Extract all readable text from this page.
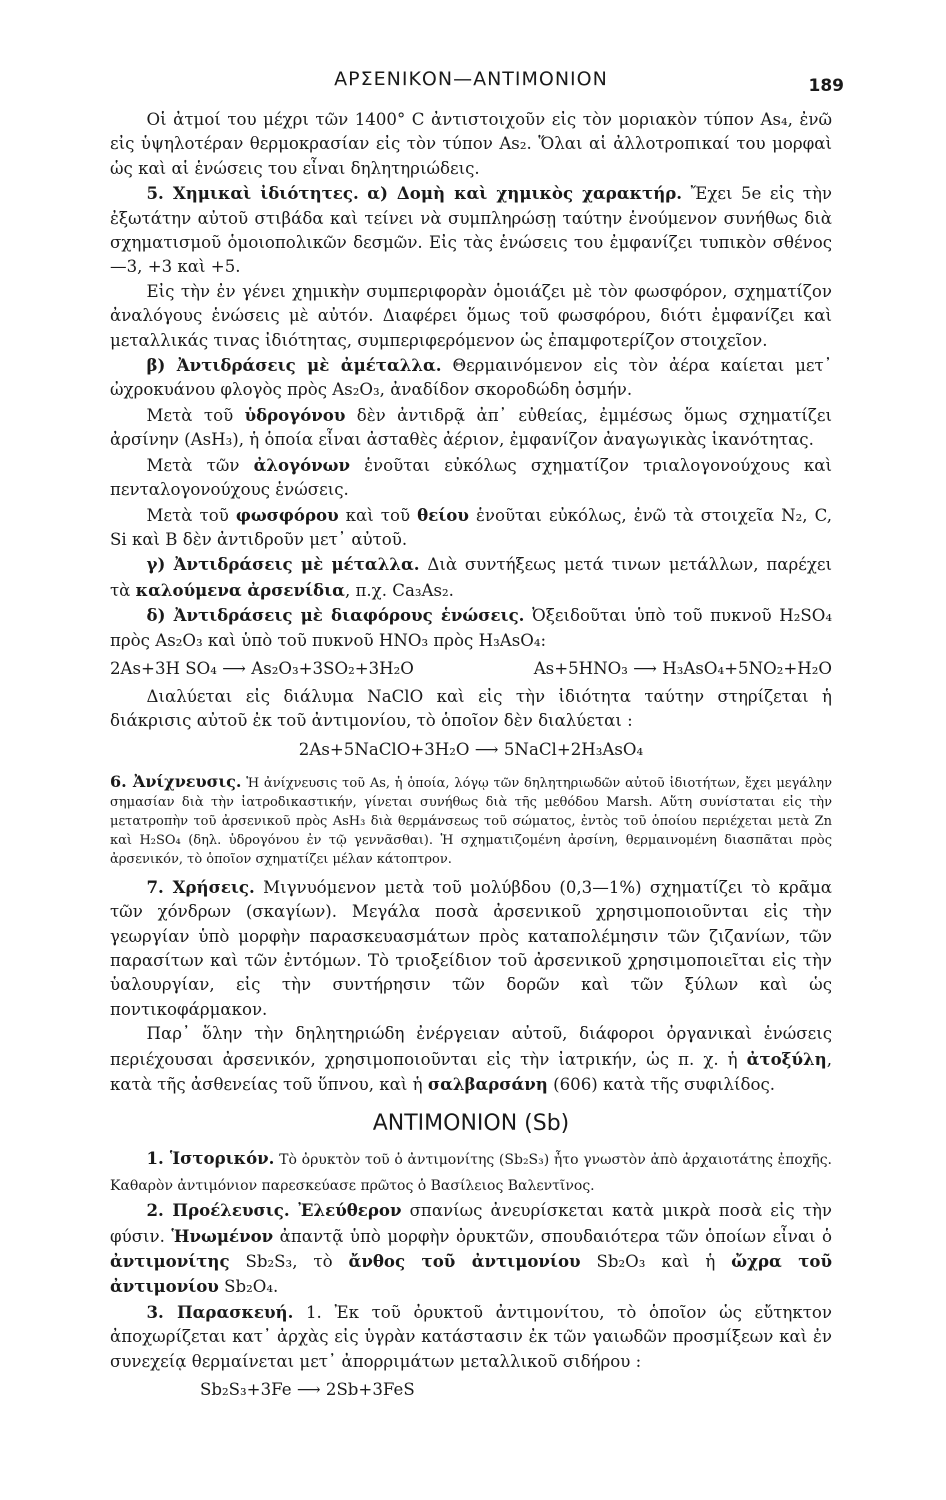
ΑΡΣΕΝΙΚΟΝ—ΑΝΤΙΜΟΝΙΟΝ	189

Οἱ ἀτμοί του μέχρι τῶν 1400° C ἀντιστοιχοῦν εἰς τὸν μοριακὸν τύπον As₄, ἐνῶ εἰς ὑψηλοτέραν θερμοκρασίαν εἰς τὸν τύπον As₂. Ὅλαι αἱ ἀλλοτροπικαί του μορφαὶ ὡς καὶ αἱ ἑνώσεις του εἶναι δηλητηριώδεις.

5. Χημικαὶ ἰδιότητες. α) Δομὴ καὶ χημικὸς χαρακτήρ. Ἔχει 5e εἰς τὴν ἐξωτάτην αὐτοῦ στιβάδα καὶ τείνει νὰ συμπληρώσῃ ταύτην ἑνούμενον συνήθως διὰ σχηματισμοῦ ὁμοιοπολικῶν δεσμῶν. Εἰς τὰς ἑνώσεις του ἐμφανίζει τυπικὸν σθένος —3, +3 καὶ +5.

Εἰς τὴν ἐν γένει χημικὴν συμπεριφορὰν ὁμοιάζει μὲ τὸν φωσφόρον, σχηματίζον ἀναλόγους ἑνώσεις μὲ αὐτόν. Διαφέρει ὅμως τοῦ φωσφόρου, διότι ἐμφανίζει καὶ μεταλλικάς τινας ἰδιότητας, συμπεριφερόμενον ὡς ἐπαμφοτερίζον στοιχεῖον.

β) Ἀντιδράσεις μὲ ἀμέταλλα. Θερμαινόμενον εἰς τὸν ἀέρα καίεται μετ᾽ ὠχροκυάνου φλογὸς πρὸς As₂O₃, ἀναδίδον σκοροδώδη ὀσμήν.

Μετὰ τοῦ ὑδρογόνου δὲν ἀντιδρᾷ ἀπ᾽ εὐθείας, ἐμμέσως ὅμως σχηματίζει ἀρσίνην (AsH₃), ἡ ὁποία εἶναι ἀσταθὲς ἀέριον, ἐμφανίζον ἀναγωγικὰς ἱκανότητας.

Μετὰ τῶν ἀλογόνων ἑνοῦται εὐκόλως σχηματίζον τριαλογονούχους καὶ πενταλογονούχους ἑνώσεις.

Μετὰ τοῦ φωσφόρου καὶ τοῦ θείου ἑνοῦται εὐκόλως, ἐνῶ τὰ στοιχεῖα N₂, C, Si καὶ B δὲν ἀντιδροῦν μετ᾽ αὐτοῦ.

γ) Ἀντιδράσεις μὲ μέταλλα. Διὰ συντήξεως μετά τινων μετάλλων, παρέχει τὰ καλούμενα ἀρσενίδια, π.χ. Ca₃As₂.

δ) Ἀντιδράσεις μὲ διαφόρους ἑνώσεις. Ὀξειδοῦται ὑπὸ τοῦ πυκνοῦ H₂SO₄ πρὸς As₂O₃ καὶ ὑπὸ τοῦ πυκνοῦ HNO₃ πρὸς H₃AsO₄:

2As+3H SO₄ ⟶ As₂O₃+3SO₂+3H₂O	As+5HNO₃ ⟶ H₃AsO₄+5NO₂+H₂O

Διαλύεται εἰς διάλυμα NaClO καὶ εἰς τὴν ἰδιότητα ταύτην στηρίζεται ἡ διάκρισις αὐτοῦ ἐκ τοῦ ἀντιμονίου, τὸ ὁποῖον δὲν διαλύεται :

2As+5NaClO+3H₂O ⟶ 5NaCl+2H₃AsO₄

6. Ἀνίχνευσις. Ἡ ἀνίχνευσις τοῦ As, ἡ ὁποία, λόγῳ τῶν δηλητηριωδῶν αὐτοῦ ἰδιοτήτων, ἔχει μεγάλην σημασίαν διὰ τὴν ἰατροδικαστικήν, γίνεται συνήθως διὰ τῆς μεθόδου Marsh. Αὕτη συνίσταται εἰς τὴν μετατροπὴν τοῦ ἀρσενικοῦ πρὸς AsH₃ διὰ θερμάνσεως τοῦ σώματος, ἐντὸς τοῦ ὁποίου περιέχεται μετὰ Zn καὶ H₂SO₄ (δηλ. ὑδρογόνου ἐν τῷ γεννᾶσθαι). Ἡ σχηματιζομένη ἀρσίνη, θερμαινομένη διασπᾶται πρὸς ἀρσενικόν, τὸ ὁποῖον σχηματίζει μέλαν κάτοπτρον.

7. Χρήσεις. Μιγνυόμενον μετὰ τοῦ μολύβδου (0,3—1%) σχηματίζει τὸ κρᾶμα τῶν χόνδρων (σκαγίων). Μεγάλα ποσὰ ἀρσενικοῦ χρησιμοποιοῦνται εἰς τὴν γεωργίαν ὑπὸ μορφὴν παρασκευασμάτων πρὸς καταπολέμησιν τῶν ζιζανίων, τῶν παρασίτων καὶ τῶν ἐντόμων. Τὸ τριοξείδιον τοῦ ἀρσενικοῦ χρησιμοποιεῖται εἰς τὴν ὑαλουργίαν, εἰς τὴν συντήρησιν τῶν δορῶν καὶ τῶν ξύλων καὶ ὡς ποντικοφάρμακον.

Παρ᾽ ὅλην τὴν δηλητηριώδη ἐνέργειαν αὐτοῦ, διάφοροι ὀργανικαὶ ἑνώσεις περιέχουσαι ἀρσενικόν, χρησιμοποιοῦνται εἰς τὴν ἰατρικήν, ὡς π. χ. ἡ ἀτοξύλη, κατὰ τῆς ἀσθενείας τοῦ ὕπνου, καὶ ἡ σαλβαρσάνη (606) κατὰ τῆς συφιλίδος.

ΑΝΤΙΜΟΝΙΟΝ (Sb)

1. Ἱστορικόν. Τὸ ὀρυκτὸν τοῦ ὁ ἀντιμονίτης (Sb₂S₃) ἦτο γνωστὸν ἀπὸ ἀρχαιοτάτης ἐποχῆς. Καθαρὸν ἀντιμόνιον παρεσκεύασε πρῶτος ὁ Βασίλειος Βαλεντῖνος.

2. Προέλευσις. Ἐλεύθερον σπανίως ἀνευρίσκεται κατὰ μικρὰ ποσὰ εἰς τὴν φύσιν. Ἡνωμένον ἀπαντᾷ ὑπὸ μορφὴν ὀρυκτῶν, σπουδαιότερα τῶν ὁποίων εἶναι ὁ ἀντιμονίτης Sb₂S₃, τὸ ἄνθος τοῦ ἀντιμονίου Sb₂O₃ καὶ ἡ ὤχρα τοῦ ἀντιμονίου Sb₂O₄.

3. Παρασκευή. 1. Ἐκ τοῦ ὀρυκτοῦ ἀντιμονίτου, τὸ ὁποῖον ὡς εὔτηκτον ἀποχωρίζεται κατ᾽ ἀρχὰς εἰς ὑγρὰν κατάστασιν ἐκ τῶν γαιωδῶν προσμίξεων καὶ ἐν συνεχείᾳ θερμαίνεται μετ᾽ ἀπορριμάτων μεταλλικοῦ σιδήρου :

Sb₂S₃+3Fe ⟶ 2Sb+3FeS
